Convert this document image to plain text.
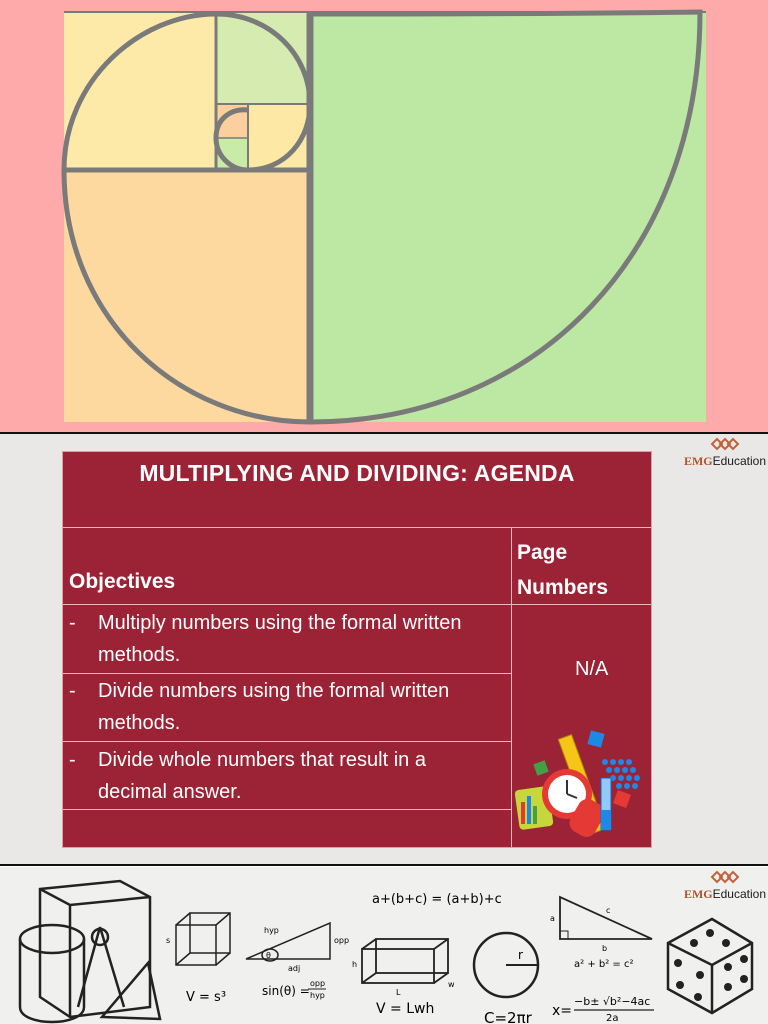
EMGEducation
MULTIPLYING AND DIVIDING: AGENDA
Objectives
Page
Numbers
- Multiply numbers using the formal written methods.
- Divide numbers using the formal written methods.
- Divide whole numbers that result in a decimal answer.
N/A
EMGEducation
s
V = s³
hyp
opp
adj
θ
sin(θ) =
opp
hyp
a+(b+c) = (a+b)+c
h
L
w
V = Lwh
r
C=2πr
a
b
c
a² + b² = c²
x=
−b± √b²−4ac
2a
